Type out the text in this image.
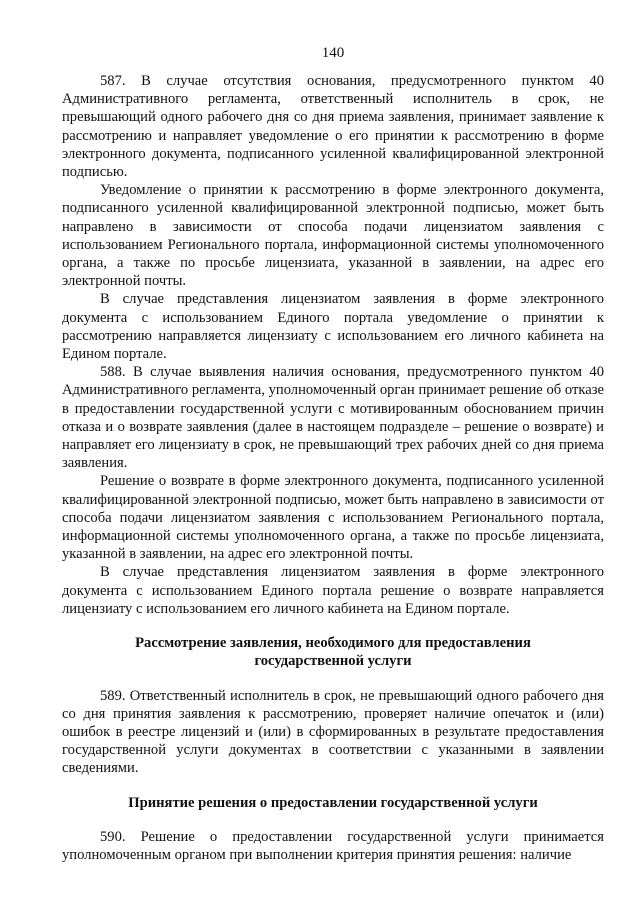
140

587. В случае отсутствия основания, предусмотренного пунктом 40 Административного регламента, ответственный исполнитель в срок, не превышающий одного рабочего дня со дня приема заявления, принимает заявление к рассмотрению и направляет уведомление о его принятии к рассмотрению в форме электронного документа, подписанного усиленной квалифицированной электронной подписью.

Уведомление о принятии к рассмотрению в форме электронного документа, подписанного усиленной квалифицированной электронной подписью, может быть направлено в зависимости от способа подачи лицензиатом заявления с использованием Регионального портала, информационной системы уполномоченного органа, а также по просьбе лицензиата, указанной в заявлении, на адрес его электронной почты.

В случае представления лицензиатом заявления в форме электронного документа с использованием Единого портала уведомление о принятии к рассмотрению направляется лицензиату с использованием его личного кабинета на Едином портале.

588. В случае выявления наличия основания, предусмотренного пунктом 40 Административного регламента, уполномоченный орган принимает решение об отказе в предоставлении государственной услуги с мотивированным обоснованием причин отказа и о возврате заявления (далее в настоящем подразделе – решение о возврате) и направляет его лицензиату в срок, не превышающий трех рабочих дней со дня приема заявления.

Решение о возврате в форме электронного документа, подписанного усиленной квалифицированной электронной подписью, может быть направлено в зависимости от способа подачи лицензиатом заявления с использованием Регионального портала, информационной системы уполномоченного органа, а также по просьбе лицензиата, указанной в заявлении, на адрес его электронной почты.

В случае представления лицензиатом заявления в форме электронного документа с использованием Единого портала решение о возврате направляется лицензиату с использованием его личного кабинета на Едином портале.

Рассмотрение заявления, необходимого для предоставления государственной услуги

589. Ответственный исполнитель в срок, не превышающий одного рабочего дня со дня принятия заявления к рассмотрению, проверяет наличие опечаток и (или) ошибок в реестре лицензий и (или) в сформированных в результате предоставления государственной услуги документах в соответствии с указанными в заявлении сведениями.

Принятие решения о предоставлении государственной услуги

590. Решение о предоставлении государственной услуги принимается уполномоченным органом при выполнении критерия принятия решения: наличие
